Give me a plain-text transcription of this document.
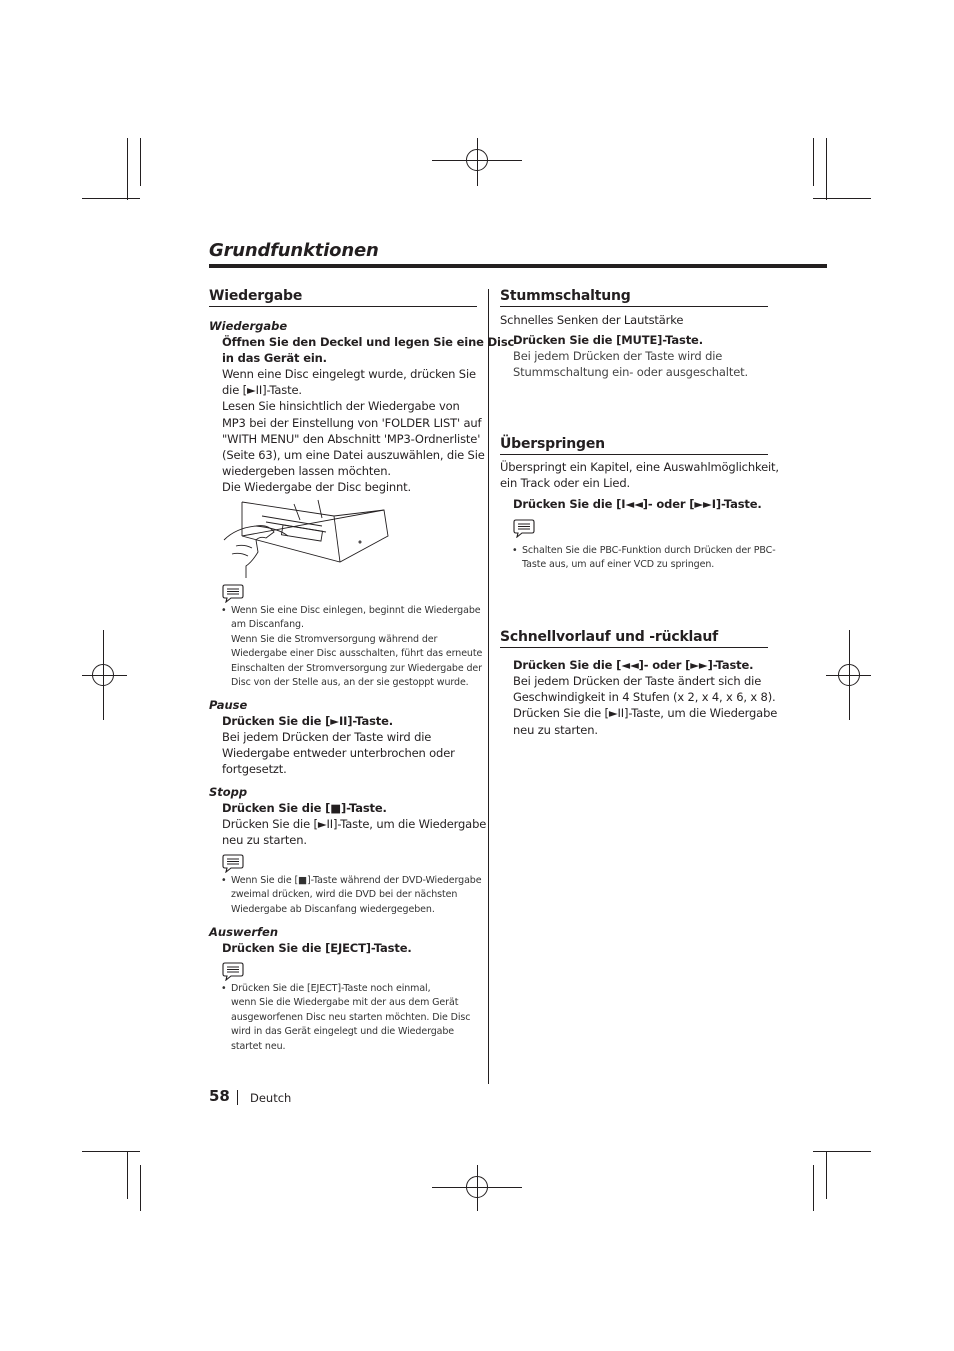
Grundfunktionen
Wiedergabe
Wiedergabe
Öffnen Sie den Deckel und legen Sie eine Disc
in das Gerät ein.
Wenn eine Disc eingelegt wurde, drücken Sie
die [►II]-Taste.
Lesen Sie hinsichtlich der Wiedergabe von
MP3 bei der Einstellung von 'FOLDER LIST' auf
"WITH MENU" den Abschnitt 'MP3-Ordnerliste'
(Seite 63), um eine Datei auszuwählen, die Sie
wiedergeben lassen möchten.
Die Wiedergabe der Disc beginnt.
• Wenn Sie eine Disc einlegen, beginnt die Wiedergabe
am Discanfang.
Wenn Sie die Stromversorgung während der
Wiedergabe einer Disc ausschalten, führt das erneute
Einschalten der Stromversorgung zur Wiedergabe der
Disc von der Stelle aus, an der sie gestoppt wurde.
Pause
Drücken Sie die [►II]-Taste.
Bei jedem Drücken der Taste wird die
Wiedergabe entweder unterbrochen oder
fortgesetzt.
Stopp
Drücken Sie die [■]-Taste.
Drücken Sie die [►II]-Taste, um die Wiedergabe
neu zu starten.
• Wenn Sie die [■]-Taste während der DVD-Wiedergabe
zweimal drücken, wird die DVD bei der nächsten
Wiedergabe ab Discanfang wiedergegeben.
Auswerfen
Drücken Sie die [EJECT]-Taste.
• Drücken Sie die [EJECT]-Taste noch einmal,
wenn Sie die Wiedergabe mit der aus dem Gerät
ausgeworfenen Disc neu starten möchten. Die Disc
wird in das Gerät eingelegt und die Wiedergabe
startet neu.
Stummschaltung
Schnelles Senken der Lautstärke
Drücken Sie die [MUTE]-Taste.
Bei jedem Drücken der Taste wird die
Stummschaltung ein- oder ausgeschaltet.
Überspringen
Überspringt ein Kapitel, eine Auswahlmöglichkeit,
ein Track oder ein Lied.
Drücken Sie die [I◄◄]- oder [►►I]-Taste.
• Schalten Sie die PBC-Funktion durch Drücken der PBC-
Taste aus, um auf einer VCD zu springen.
Schnellvorlauf und -rücklauf
Drücken Sie die [◄◄]- oder [►►]-Taste.
Bei jedem Drücken der Taste ändert sich die
Geschwindigkeit in 4 Stufen (x 2, x 4, x 6, x 8).
Drücken Sie die [►II]-Taste, um die Wiedergabe
neu zu starten.
58 Deutch
